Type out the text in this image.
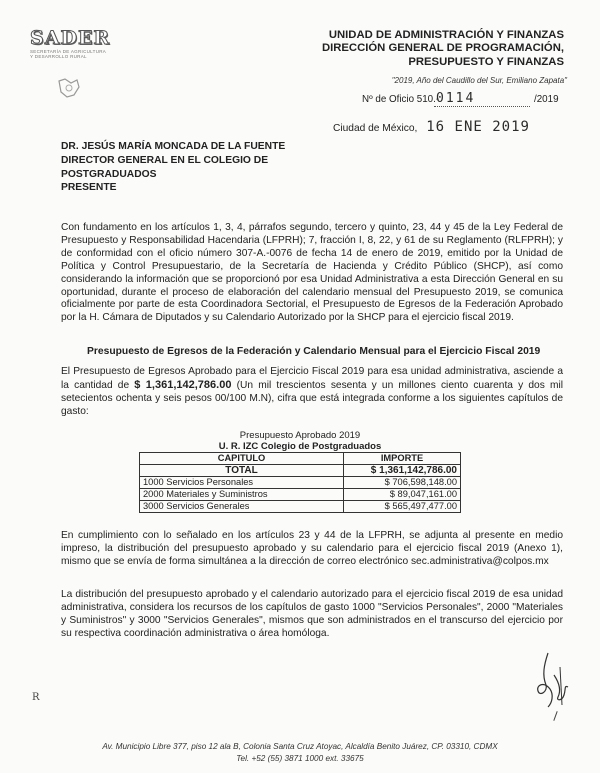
SADER
SECRETARÍA DE AGRICULTURA Y DESARROLLO RURAL
UNIDAD DE ADMINISTRACIÓN Y FINANZAS
DIRECCIÓN GENERAL DE PROGRAMACIÓN,
PRESUPUESTO Y FINANZAS
"2019, Año del Caudillo del Sur, Emiliano Zapata"
Nº de Oficio 510.-
0114	/2019
Ciudad de México, 16 ENE 2019
DR. JESÚS MARÍA MONCADA DE LA FUENTE
DIRECTOR GENERAL EN EL COLEGIO DE
POSTGRADUADOS
PRESENTE
Con fundamento en los artículos 1, 3, 4, párrafos segundo, tercero y quinto, 23, 44 y 45 de la Ley Federal de Presupuesto y Responsabilidad Hacendaria (LFPRH); 7, fracción I, 8, 22, y 61 de su Reglamento (RLFPRH); y de conformidad con el oficio número 307-A.-0076 de fecha 14 de enero de 2019, emitido por la Unidad de Política y Control Presupuestario, de la Secretaría de Hacienda y Crédito Público (SHCP), así como considerando la información que se proporcionó por esa Unidad Administrativa a esta Dirección General en su oportunidad, durante el proceso de elaboración del calendario mensual del Presupuesto 2019, se comunica oficialmente por parte de esta Coordinadora Sectorial, el Presupuesto de Egresos de la Federación Aprobado por la H. Cámara de Diputados y su Calendario Autorizado por la SHCP para el ejercicio fiscal 2019.
Presupuesto de Egresos de la Federación y Calendario Mensual para el Ejercicio Fiscal 2019
El Presupuesto de Egresos Aprobado para el Ejercicio Fiscal 2019 para esa unidad administrativa, asciende a la cantidad de $ 1,361,142,786.00 (Un mil trescientos sesenta y un millones ciento cuarenta y dos mil setecientos ochenta y seis pesos 00/100 M.N), cifra que está integrada conforme a los siguientes capítulos de gasto:
Presupuesto Aprobado 2019
U. R. IZC Colegio de Postgraduados
CAPITULO	IMPORTE
TOTAL	$ 1,361,142,786.00
1000 Servicios Personales	$ 706,598,148.00
2000 Materiales y Suministros	$ 89,047,161.00
3000 Servicios Generales	$ 565,497,477.00
En cumplimiento con lo señalado en los artículos 23 y 44 de la LFPRH, se adjunta al presente en medio impreso, la distribución del presupuesto aprobado y su calendario para el ejercicio fiscal 2019 (Anexo 1), mismo que se envía de forma simultánea a la dirección de correo electrónico sec.administrativa@colpos.mx
La distribución del presupuesto aprobado y el calendario autorizado para el ejercicio fiscal 2019 de esa unidad administrativa, considera los recursos de los capítulos de gasto 1000 "Servicios Personales", 2000 "Materiales y Suministros" y 3000 "Servicios Generales", mismos que son administrados en el transcurso del ejercicio por su respectiva coordinación administrativa o área homóloga.
R
Av. Municipio Libre 377, piso 12 ala B, Colonia Santa Cruz Atoyac, Alcaldía Benito Juárez, CP. 03310, CDMX
Tel. +52 (55) 3871 1000 ext. 33675
